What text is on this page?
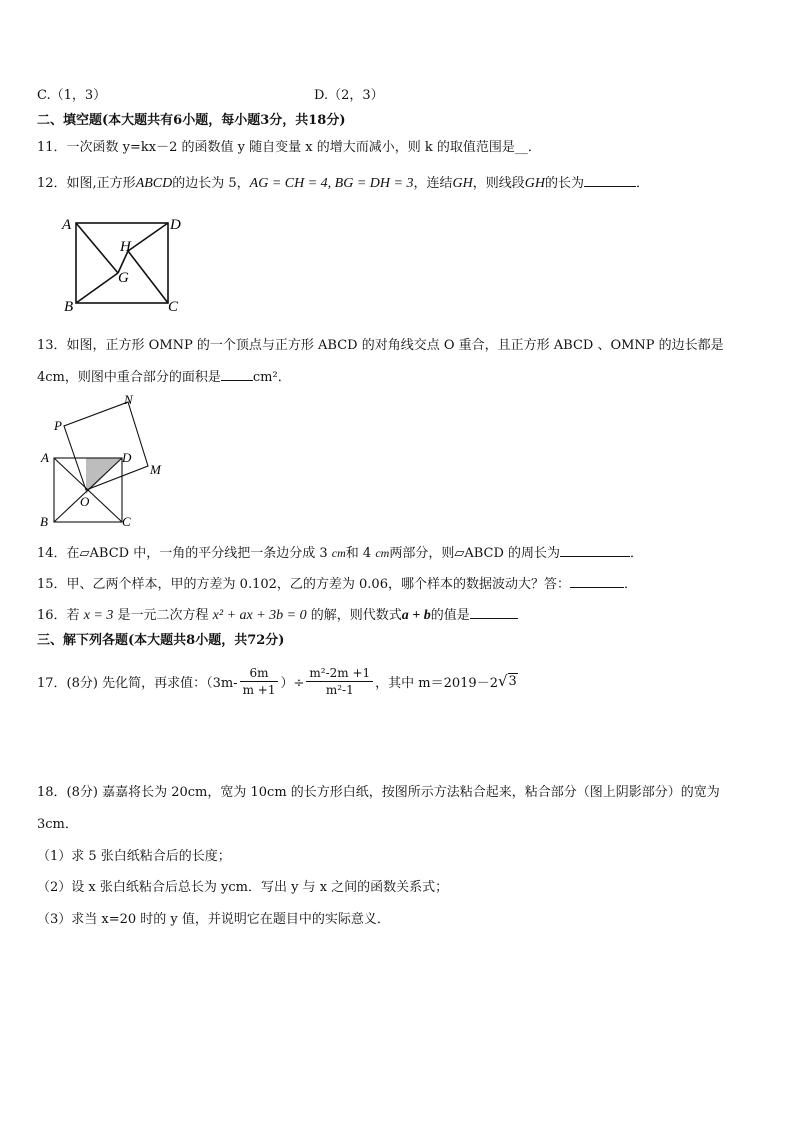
C.（1，3）	D.（2，3）
二、填空题(本大题共有6小题，每小题3分，共18分)
11．一次函数 y=kx－2 的函数值 y 随自变量 x 的增大而减小，则 k 的取值范围是__．
12．如图,正方形ABCD的边长为 5，AG = CH = 4, BG = DH = 3，连结GH，则线段GH的长为	．
A	D
H
G
B	C
13．如图，正方形 OMNP 的一个顶点与正方形 ABCD 的对角线交点 O 重合，且正方形 ABCD 、OMNP 的边长都是
4cm，则图中重合部分的面积是 cm²．
P
N
A	D
M
O
B	C
14．在▱ABCD 中，一角的平分线把一条边分成 3 cm和 4 cm两部分，则▱ABCD 的周长为	．
15．甲、乙两个样本，甲的方差为 0.102，乙的方差为 0.06，哪个样本的数据波动大？答：	．
16．若 x = 3 是一元二次方程 x² + ax + 3b = 0 的解，则代数式a + b的值是
三、解下列各题(本大题共8小题，共72分)
17．(8分) 先化简，再求值：（$3m- \frac{6m}{m +1}$ ）÷ $\frac{\text{m²-2m +1}}{\text{m²-1}}$ ，其中 m＝2019－2 √ 3
18．(8分) 嘉嘉将长为 20cm，宽为 10cm 的长方形白纸，按图所示方法粘合起来，粘合部分（图上阴影部分）的宽为
3cm．
（1）求 5 张白纸粘合后的长度；
（2）设 x 张白纸粘合后总长为 ycm．写出 y 与 x 之间的函数关系式；
（3）求当 x=20 时的 y 值，并说明它在题目中的实际意义．
